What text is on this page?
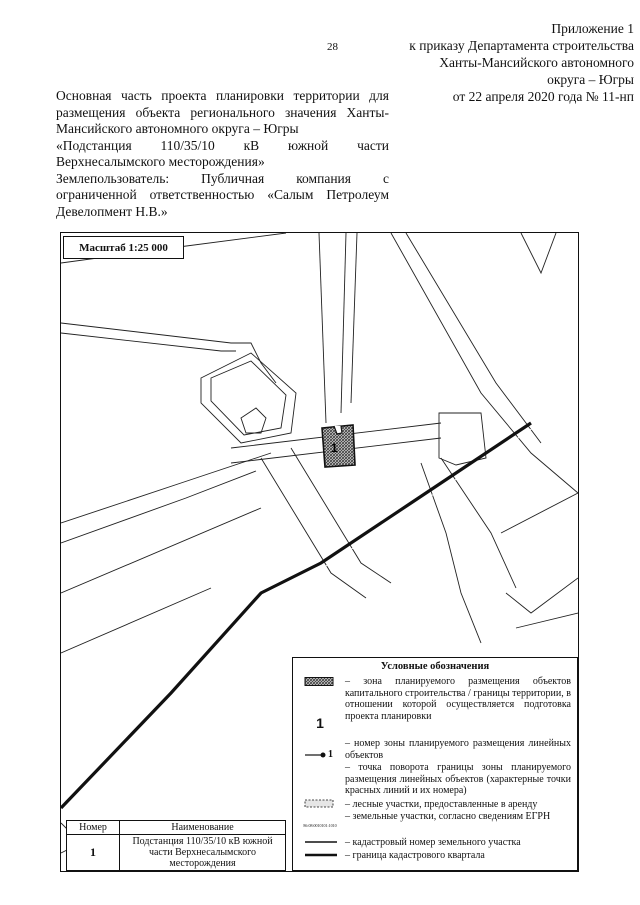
28
Приложение 1
к приказу Департамента строительства
Ханты-Мансийского автономного
округа – Югры
от 22 апреля 2020 года № 11-нп

Основная часть проекта планировки территории для

размещения объекта регионального значения Ханты-

Мансийского автономного округа – Югры

«Подстанция 110/35/10 кВ южной части

Верхнесалымского месторождения»

Землепользователь: Публичная компания с

ограниченной ответственностью «Салым Петролеум

Девелопмент Н.В.»

1
Масштаб 1:25 000
Условные обозначения
– зона планируемого размещения объектов капитального строительства / границы территории, в отношении которой осуществляется подготовка проекта планировки
1
– номер зоны планируемого размещения линейных объектов
1
– точка поворота границы зоны планируемого размещения линейных объектов (характерные точки красных линий и их номера)
– лесные участки, предоставленные в аренду
86:08:0010101:1010
– земельные участки, согласно сведениям ЕГРН
– кадастровый номер земельного участка
– граница кадастрового квартала
Номер	Наименование
1	Подстанция 110/35/10 кВ южной части Верхнесалымского месторождения
